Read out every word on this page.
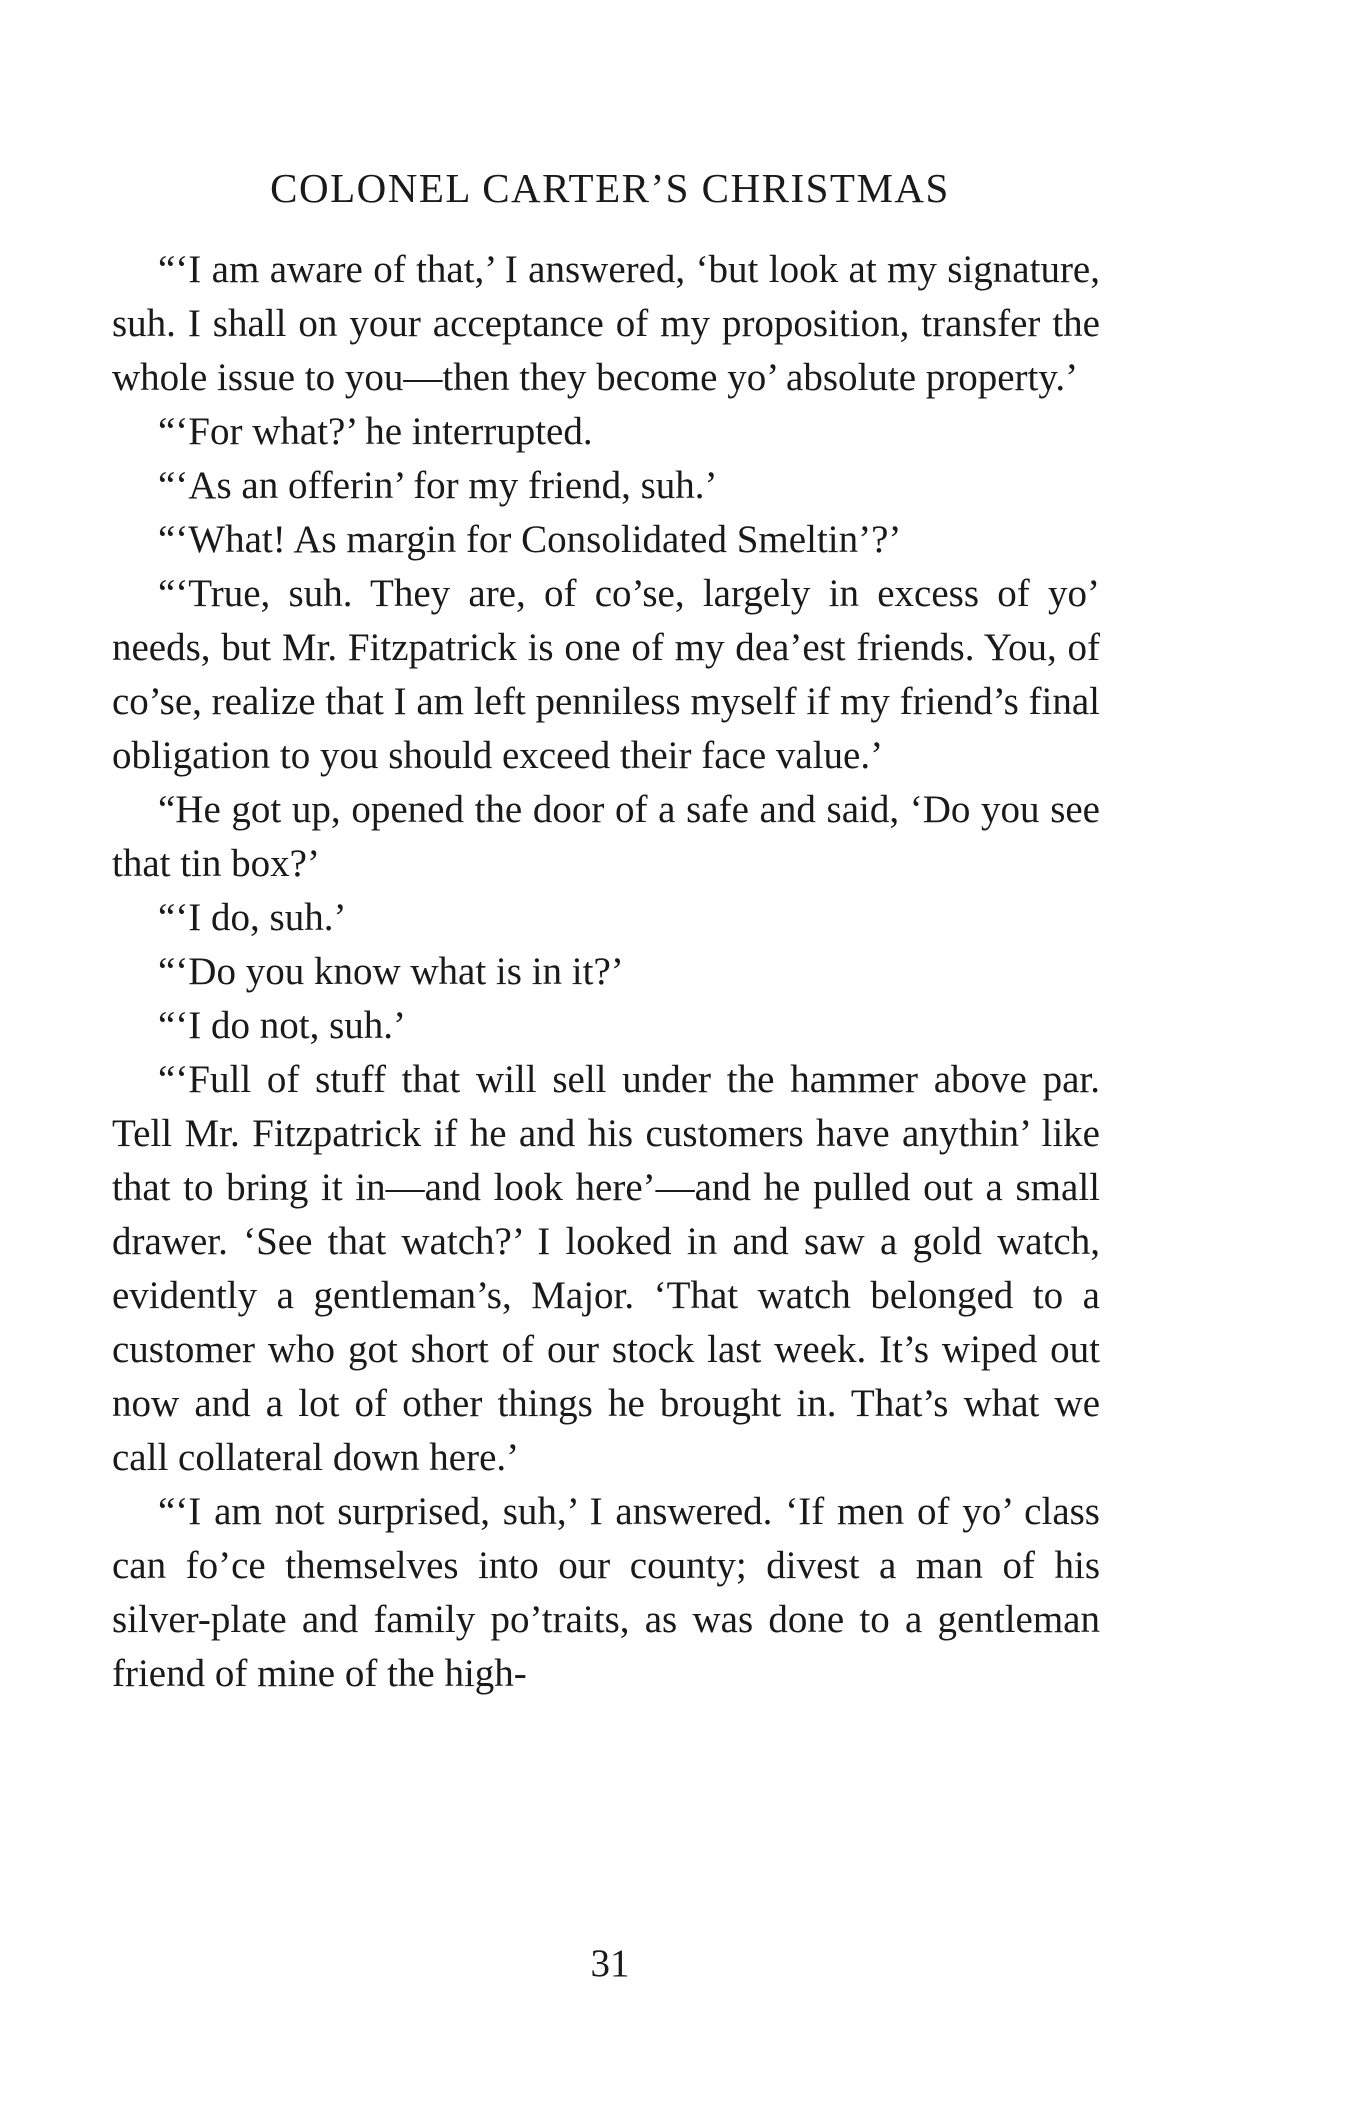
COLONEL CARTER’S CHRISTMAS

“‘I am aware of that,’ I answered, ‘but look at my signature, suh. I shall on your acceptance of my proposition, transfer the whole issue to you—then they become yo’ absolute property.’

“‘For what?’ he interrupted.

“‘As an offerin’ for my friend, suh.’

“‘What! As margin for Consolidated Smeltin’?’

“‘True, suh. They are, of co’se, largely in excess of yo’ needs, but Mr. Fitzpatrick is one of my dea’est friends. You, of co’se, realize that I am left penniless myself if my friend’s final obligation to you should exceed their face value.’

“He got up, opened the door of a safe and said, ‘Do you see that tin box?’

“‘I do, suh.’

“‘Do you know what is in it?’

“‘I do not, suh.’

“‘Full of stuff that will sell under the hammer above par. Tell Mr. Fitzpatrick if he and his customers have anythin’ like that to bring it in—and look here’—and he pulled out a small drawer. ‘See that watch?’ I looked in and saw a gold watch, evidently a gentleman’s, Major. ‘That watch belonged to a customer who got short of our stock last week. It’s wiped out now and a lot of other things he brought in. That’s what we call collateral down here.’

“‘I am not surprised, suh,’ I answered. ‘If men of yo’ class can fo’ce themselves into our county; divest a man of his silver-plate and family po’traits, as was done to a gentleman friend of mine of the high-

31
